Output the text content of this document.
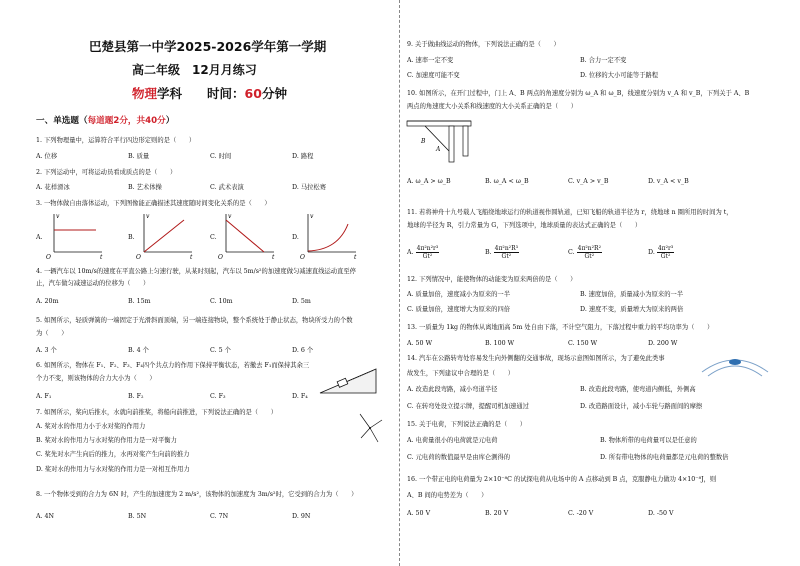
巴楚县第一中学2025-2026学年第一学期
高二年级　12月月练习
物理学科　　时间：60分钟
一、单选题（每道题2分，共40分）
1. 下列物理量中，运算符合平行四边形定则的是（　　）
A. 位移	B. 质量	C. 时间	D. 路程
2. 下列运动中，可将运动员看成质点的是（　　）
A. 花样滑冰	B. 艺术体操	C. 武术表演	D. 马拉松赛
3. 一物体做自由落体运动，下列图像能正确描述其速度随时间变化关系的是（　　）
A.	B.	C.	D.
O
v
t	O
v
t	O
v
t	O
v
t
4. 一辆汽车以 10m/s的速度在平直公路上匀速行驶，从某时刻起，汽车以 5m/s²的加速度做匀减速直线运动直至停
止，汽车做匀减速运动的位移为（　　）
A. 20m	B. 15m	C. 10m	D. 5m
5. 如图所示，轻质弹簧的一端固定于光滑斜面顶端，另一端连接物块，整个系统处于静止状态，物块所受力的个数
为（　　）
A. 3 个	B. 4 个	C. 5 个	D. 6 个
6. 如图所示，物体在 F₁、F₂、F₃、F₄四个共点力的作用下保持平衡状态，若撤去 F₁而保持其余三
个力不变，则该物体的合力大小为（　　）
A. F₁	B. F₂	C. F₃	D. F₄
7. 如图所示，桨向后推水，水就向前推桨，将船向前推进，下列说法正确的是（　　）
A. 桨对水的作用力小于水对桨的作用力
B. 桨对水的作用力与水对桨的作用力是一对平衡力
C. 桨先对水产生向后的推力，水再对桨产生向前的推力
D. 桨对水的作用力与水对桨的作用力是一对相互作用力
8. 一个物体受到的合力为 6N 时，产生的加速度为 2 m/s²，该物体的加速度为 3m/s²时，它受到的合力为（　　）
A. 4N	B. 5N	C. 7N	D. 9N
9. 关于做曲线运动的物体，下列说法正确的是（　　）
A. 速率一定不变	B. 合力一定不变
C. 加速度可能不变	D. 位移的大小可能等于路程
10. 如图所示，在开门过程中，门上 A、B 两点的角速度分别为 ω_A 和 ω_B，线速度分别为 v_A 和 v_B，下列关于 A、B
两点的角速度大小关系和线速度的大小关系正确的是（　　）
B
A
A. ω_A > ω_B	B. ω_A < ω_B	C. v_A > v_B	D. v_A < v_B
11. 若将神舟十九号载人飞船绕地球运行的轨道视作圆轨道，已知飞船的轨道半径为 r，绕地球 n 圈所用的时间为 t，
地球的半径为 R，引力常量为 G，下列选项中，地球质量的表达式正确的是（　　）
A. $\frac{\text{4π²n²r³}}{\text{Gt²}}$	B. $\frac{\text{4π²n²R³}}{\text{Gt²}}$	C. $\frac{\text{4π²n²R²}}{\text{Gt²}}$	D. $\frac{\text{4π²r³}}{\text{Gt²}}$
12. 下列情况中，能使物体的动能变为原来两倍的是（　　）
A. 质量加倍，速度减小为原来的一半	B. 速度加倍，质量减小为原来的一半
C. 质量加倍，速度增大为原来的四倍	D. 速度不变，质量增大为原来的两倍
13. 一质量为 1kg 的物体从离地面高 5m 处自由下落，不计空气阻力，下落过程中重力的平均功率为（　　）
A. 50 W	B. 100 W	C. 150 W	D. 200 W
14. 汽车在公路转弯处容易发生向外侧翻的交通事故，现场示意图如图所示，为了避免此类事
故发生，下列建议中合理的是（　　）
A. 改造此段弯路，减小弯道半径	B. 改造此段弯路，使弯道内侧低，外侧高
C. 在转弯处设立提示牌，提醒司机加速通过	D. 改造路面设计，减小车轮与路面间的摩擦
15. 关于电荷，下列说法正确的是（　　）
A. 电荷量很小的电荷就是元电荷	B. 物体所带的电荷量可以是任意的
C. 元电荷的数值最早是由库仑测得的	D. 所有带电物体的电荷量都是元电荷的整数倍
16. 一个带正电的电荷量为 2×10⁻⁸C 的试探电荷从电场中的 A 点移动到 B 点，克服静电力做功 4×10⁻⁸J，则
A、B 间的电势差为（　　）
A. 50 V	B. 20 V	C. -20 V	D. -50 V
